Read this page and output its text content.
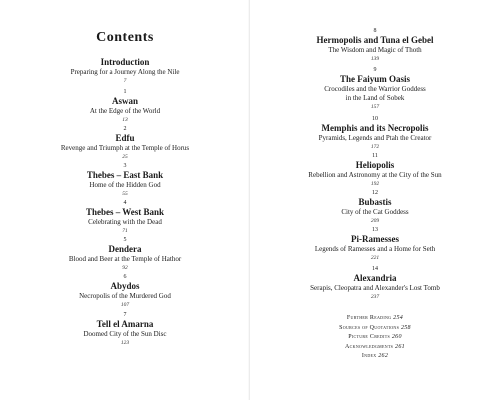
Contents
Introduction
Preparing for a Journey Along the Nile
7
1
Aswan
At the Edge of the World
13
2
Edfu
Revenge and Triumph at the Temple of Horus
25
3
Thebes – East Bank
Home of the Hidden God
55
4
Thebes – West Bank
Celebrating with the Dead
71
5
Dendera
Blood and Beer at the Temple of Hathor
92
6
Abydos
Necropolis of the Murdered God
107
7
Tell el Amarna
Doomed City of the Sun Disc
123
8
Hermopolis and Tuna el Gebel
The Wisdom and Magic of Thoth
139
9
The Faiyum Oasis
Crocodiles and the Warrior Goddess
in the Land of Sobek
157
10
Memphis and its Necropolis
Pyramids, Legends and Ptah the Creator
172
11
Heliopolis
Rebellion and Astronomy at the City of the Sun
192
12
Bubastis
City of the Cat Goddess
209
13
Pi-Ramesses
Legends of Ramesses and a Home for Seth
221
14
Alexandria
Serapis, Cleopatra and Alexander's Lost Tomb
237
Further Reading 254
Sources of Quotations 258
Picture Credits 260
Acknowledgments 261
Index 262
